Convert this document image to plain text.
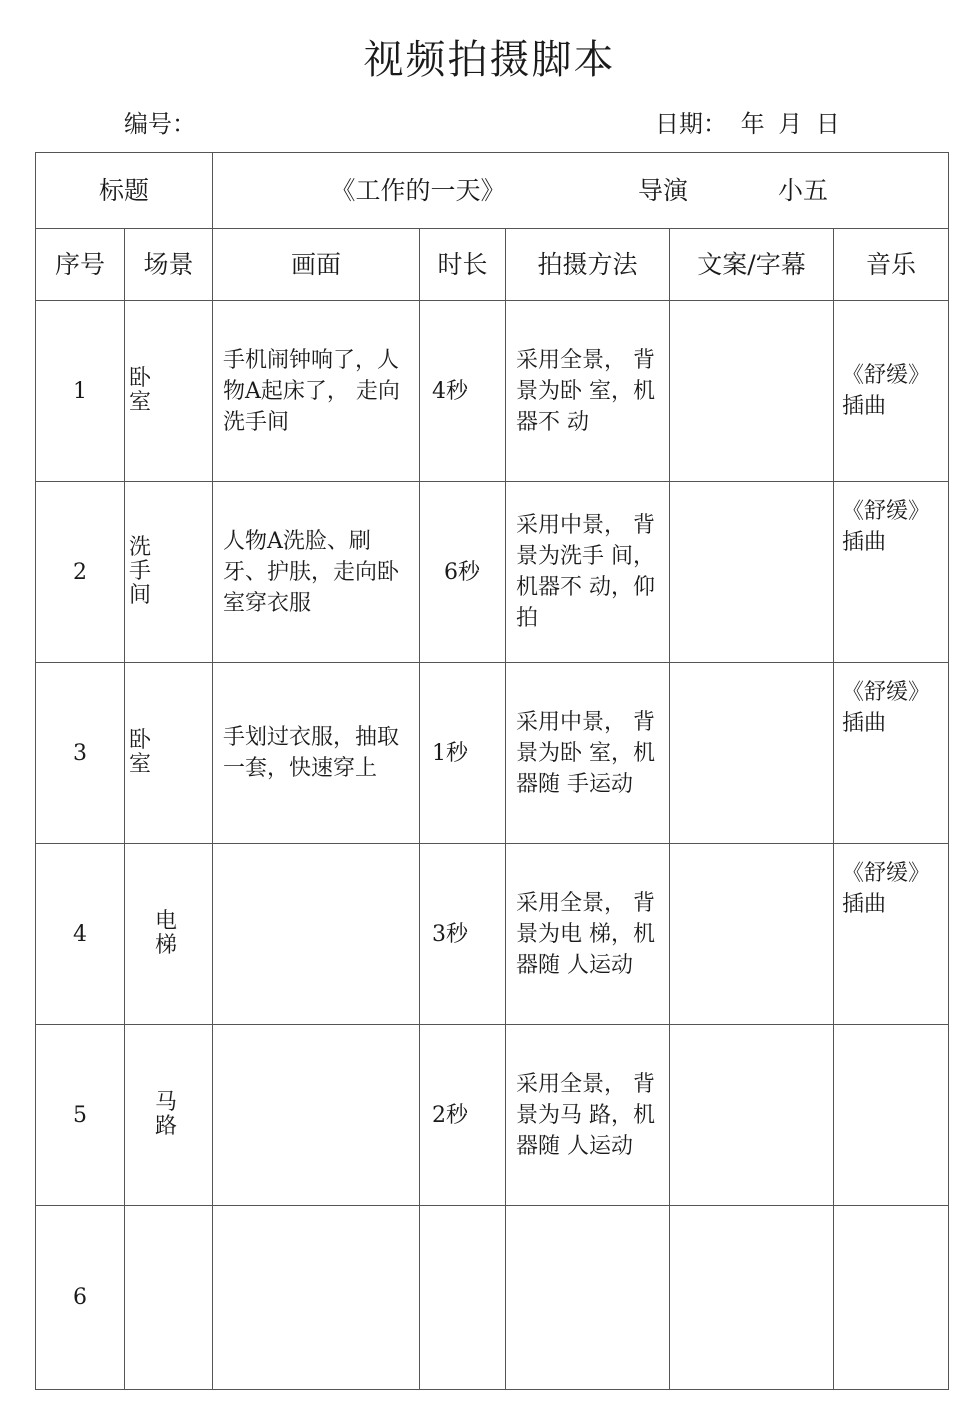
视频拍摄脚本
编号：	日期： 年 月 日
标题		《工作的一天》 导演 小五				

序号	场景	画面	时长	拍摄方法	文案/字幕	音乐
1	卧室	手机闹钟响了，人物A起床了， 走向洗手间	4秒	采用全景， 背景为卧 室，机器不 动		《舒缓》插曲
2	洗手间	人物A洗脸、刷牙、护肤，走向卧室穿衣服	6秒	采用中景， 背景为洗手 间，机器不 动，仰拍		《舒缓》插曲
3	卧室	手划过衣服，抽取一套，快速穿上	1秒	采用中景， 背景为卧 室，机器随 手运动		《舒缓》插曲
4	电梯		3秒	采用全景， 背景为电 梯，机器随 人运动		《舒缓》插曲
5	马路		2秒	采用全景， 背景为马 路，机器随 人运动		
6	
